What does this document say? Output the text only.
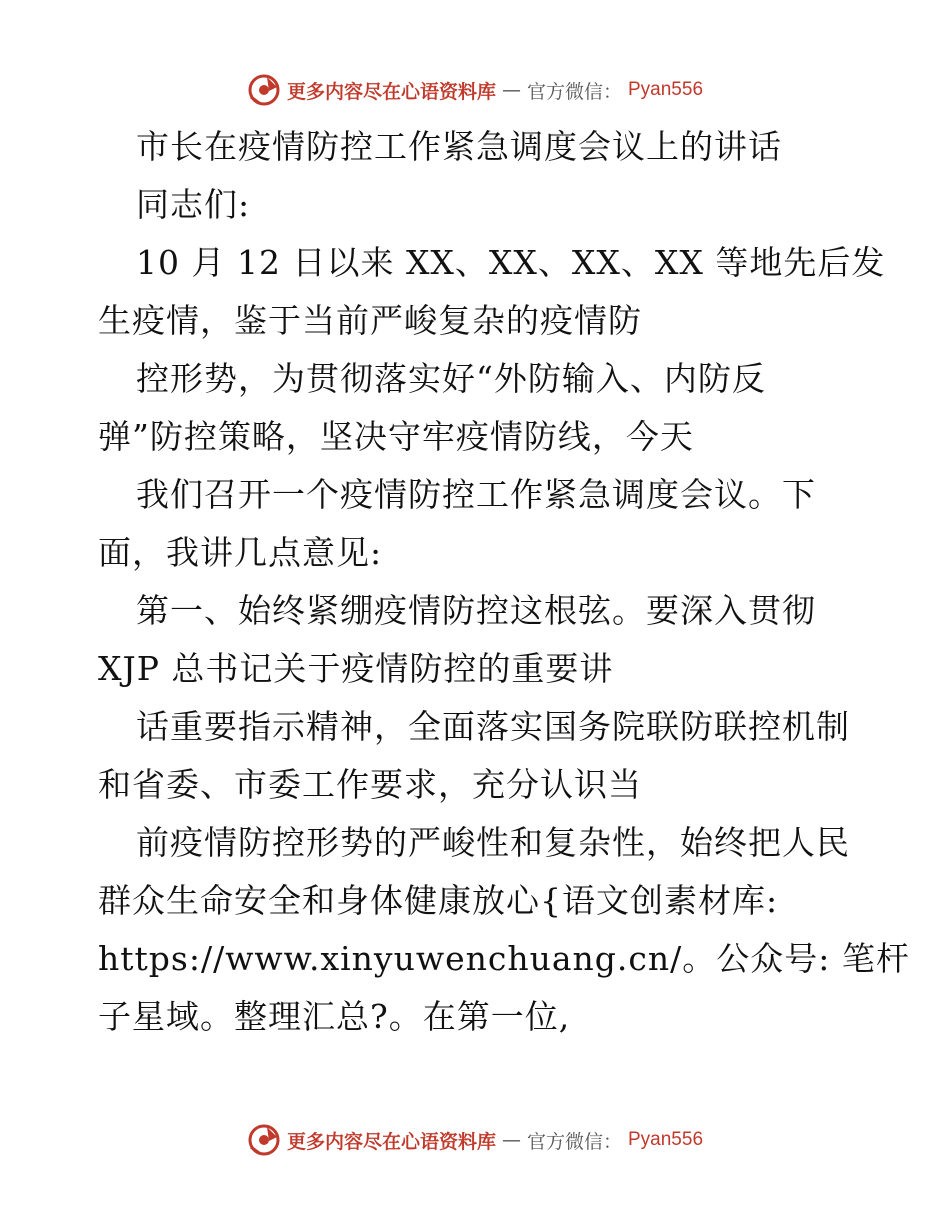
更多内容尽在心语资料库 — 官方微信： Pyan556
市长在疫情防控工作紧急调度会议上的讲话
同志们:
10 月 12 日以来 XX、XX、XX、XX 等地先后发
生疫情，鉴于当前严峻复杂的疫情防
控形势，为贯彻落实好“外防输入、内防反
弹”防控策略，坚决守牢疫情防线，今天
我们召开一个疫情防控工作紧急调度会议。下
面，我讲几点意见:
第一、始终紧绷疫情防控这根弦。要深入贯彻
XJP 总书记关于疫情防控的重要讲
话重要指示精神，全面落实国务院联防联控机制
和省委、市委工作要求，充分认识当
前疫情防控形势的严峻性和复杂性，始终把人民
群众生命安全和身体健康放心{语文创素材库:
https://www.xinyuwenchuang.cn/。公众号: 笔杆
子星域。整理汇总?。在第一位,
更多内容尽在心语资料库 — 官方微信： Pyan556
